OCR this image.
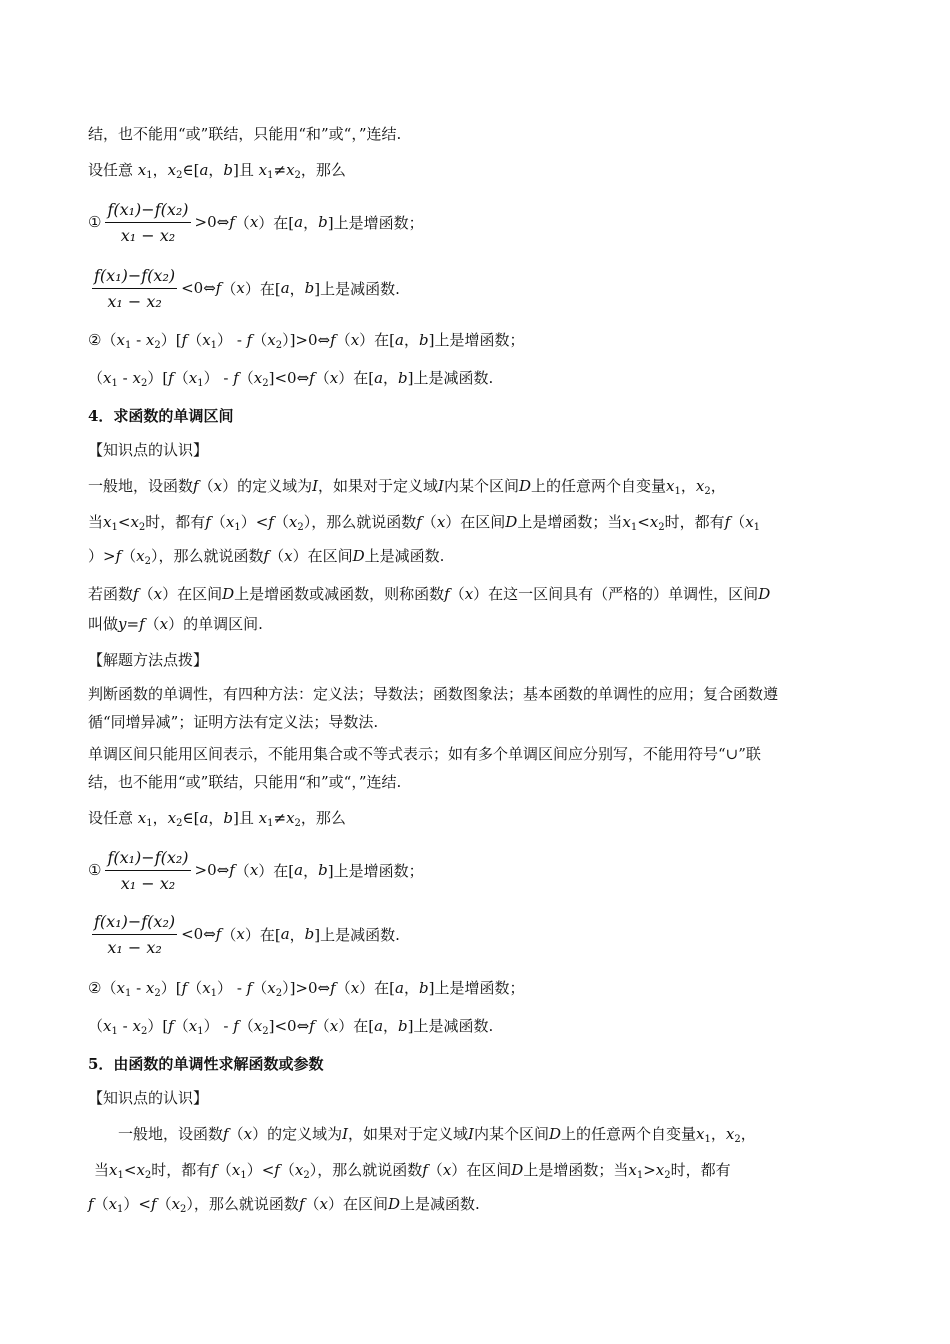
结，也不能用“或”联结，只能用“和”或“，”连结.
设任意 $x_1$，$x_2\in[a$，b]且 $x_1\ne x_2$，那么
① $\frac{\text{f(x₁)−f(x₂)}}{\text{x₁ − x₂}}$ >0⇔ f （ x ）在[ a ， b ]上是增函数；
$\frac{\text{f(x₁)−f(x₂)}}{\text{x₁ − x₂}}$ <0⇔ f （ x ）在[ a ， b ]上是减函数.
$②(x_1 - x_2)[f(x_1)$ - $f(x_2)]>0\Leftrightarrow f(x)$在[a，b]上是增函数；
$(x_1 - x_2)[f(x_1)$ - $f(x_2]<0\Leftrightarrow f(x)$在[a，b]上是减函数.
4．求函数的单调区间
【知识点的认识】
一般地，设函数f（x）的定义域为I，如果对于定义域I内某个区间D上的任意两个自变量$x_1$，$x_2$，
当$x_1<x_2$时，都有$f(x_1)<f(x_2)$，那么就说函数f（x）在区间D上是增函数；当$x_1<x_2$时，都有$f(x_1$
）$>f(x_2)$，那么就说函数f（x）在区间D上是减函数.
若函数f（x）在区间D上是增函数或减函数，则称函数f（x）在这一区间具有（严格的）单调性，区间D
叫做y=f（x）的单调区间.
【解题方法点拨】
判断函数的单调性，有四种方法：定义法；导数法；函数图象法；基本函数的单调性的应用；复合函数遵
循“同增异减”；证明方法有定义法；导数法.
单调区间只能用区间表示，不能用集合或不等式表示；如有多个单调区间应分别写，不能用符号“∪”联
结，也不能用“或”联结，只能用“和”或“，”连结.
设任意 $x_1$，$x_2\in[a$，b]且 $x_1\ne x_2$，那么
① $\frac{\text{f(x₁)−f(x₂)}}{\text{x₁ − x₂}}$ >0⇔ f （ x ）在[ a ， b ]上是增函数；
$\frac{\text{f(x₁)−f(x₂)}}{\text{x₁ − x₂}}$ <0⇔ f （ x ）在[ a ， b ]上是减函数.
$②(x_1 - x_2)[f(x_1)$ - $f(x_2)]>0\Leftrightarrow f(x)$在[a，b]上是增函数；
$(x_1 - x_2)[f(x_1)$ - $f(x_2]<0\Leftrightarrow f(x)$在[a，b]上是减函数.
5．由函数的单调性求解函数或参数
【知识点的认识】
一般地，设函数f（x）的定义域为I，如果对于定义域I内某个区间D上的任意两个自变量$x_1$，$x_2$，
当$x_1<x_2$时，都有$f(x_1)<f(x_2)$，那么就说函数f（x）在区间D上是增函数；当$x_1>x_2$时，都有
$f(x_1)<f(x_2)$，那么就说函数f（x）在区间D上是减函数.
